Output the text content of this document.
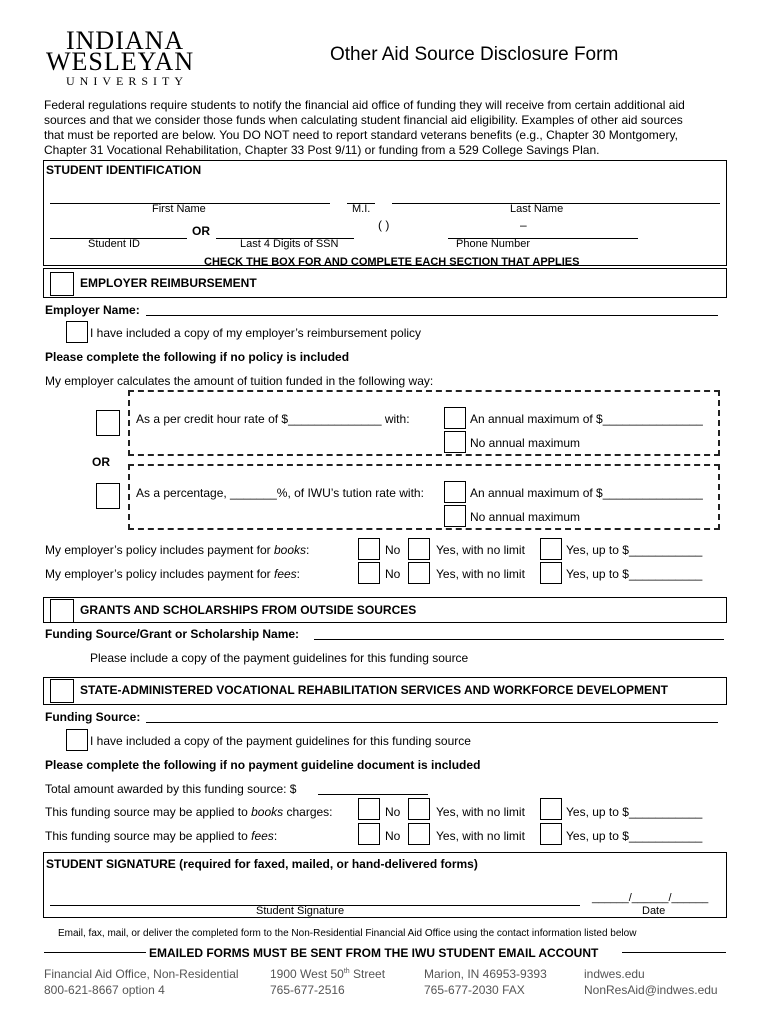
INDIANA
WESLEYAN
UNIVERSITY
Other Aid Source Disclosure Form
Federal regulations require students to notify the financial aid office of funding they will receive from certain additional aid
sources and that we consider those funds when calculating student financial aid eligibility. Examples of other aid sources
that must be reported are below. You DO NOT need to report standard veterans benefits (e.g., Chapter 30 Montgomery,
Chapter 31 Vocational Rehabilitation, Chapter 33 Post 9/11) or funding from a 529 College Savings Plan.
STUDENT IDENTIFICATION
First Name	M.I.	Last Name
OR	( )	–
Student ID	Last 4 Digits of SSN	Phone Number
CHECK THE BOX FOR AND COMPLETE EACH SECTION THAT APPLIES
EMPLOYER REIMBURSEMENT
Employer Name:
I have included a copy of my employer’s reimbursement policy
Please complete the following if no policy is included
My employer calculates the amount of tuition funded in the following way:
As a per credit hour rate of $______________ with:	An annual maximum of $_______________
No annual maximum
OR
As a percentage, _______%, of IWU’s tution rate with:	An annual maximum of $_______________
No annual maximum
My employer’s policy includes payment for books:	No	Yes, with no limit	Yes, up to $___________
My employer’s policy includes payment for fees:	No	Yes, with no limit	Yes, up to $___________
GRANTS AND SCHOLARSHIPS FROM OUTSIDE SOURCES
Funding Source/Grant or Scholarship Name:
Please include a copy of the payment guidelines for this funding source
STATE-ADMINISTERED VOCATIONAL REHABILITATION SERVICES AND WORKFORCE DEVELOPMENT
Funding Source:
I have included a copy of the payment guidelines for this funding source
Please complete the following if no payment guideline document is included
Total amount awarded by this funding source: $
This funding source may be applied to books charges:	No	Yes, with no limit	Yes, up to $___________
This funding source may be applied to fees:	No	Yes, with no limit	Yes, up to $___________
STUDENT SIGNATURE (required for faxed, mailed, or hand-delivered forms)
______/______/______
Student Signature	Date
Email, fax, mail, or deliver the completed form to the Non-Residential Financial Aid Office using the contact information listed below
EMAILED FORMS MUST BE SENT FROM THE IWU STUDENT EMAIL ACCOUNT
Financial Aid Office, Non-Residential
800-621-8667 option 4
1900 West 50th Street
765-677-2516
Marion, IN 46953-9393
765-677-2030 FAX
indwes.edu
NonResAid@indwes.edu
